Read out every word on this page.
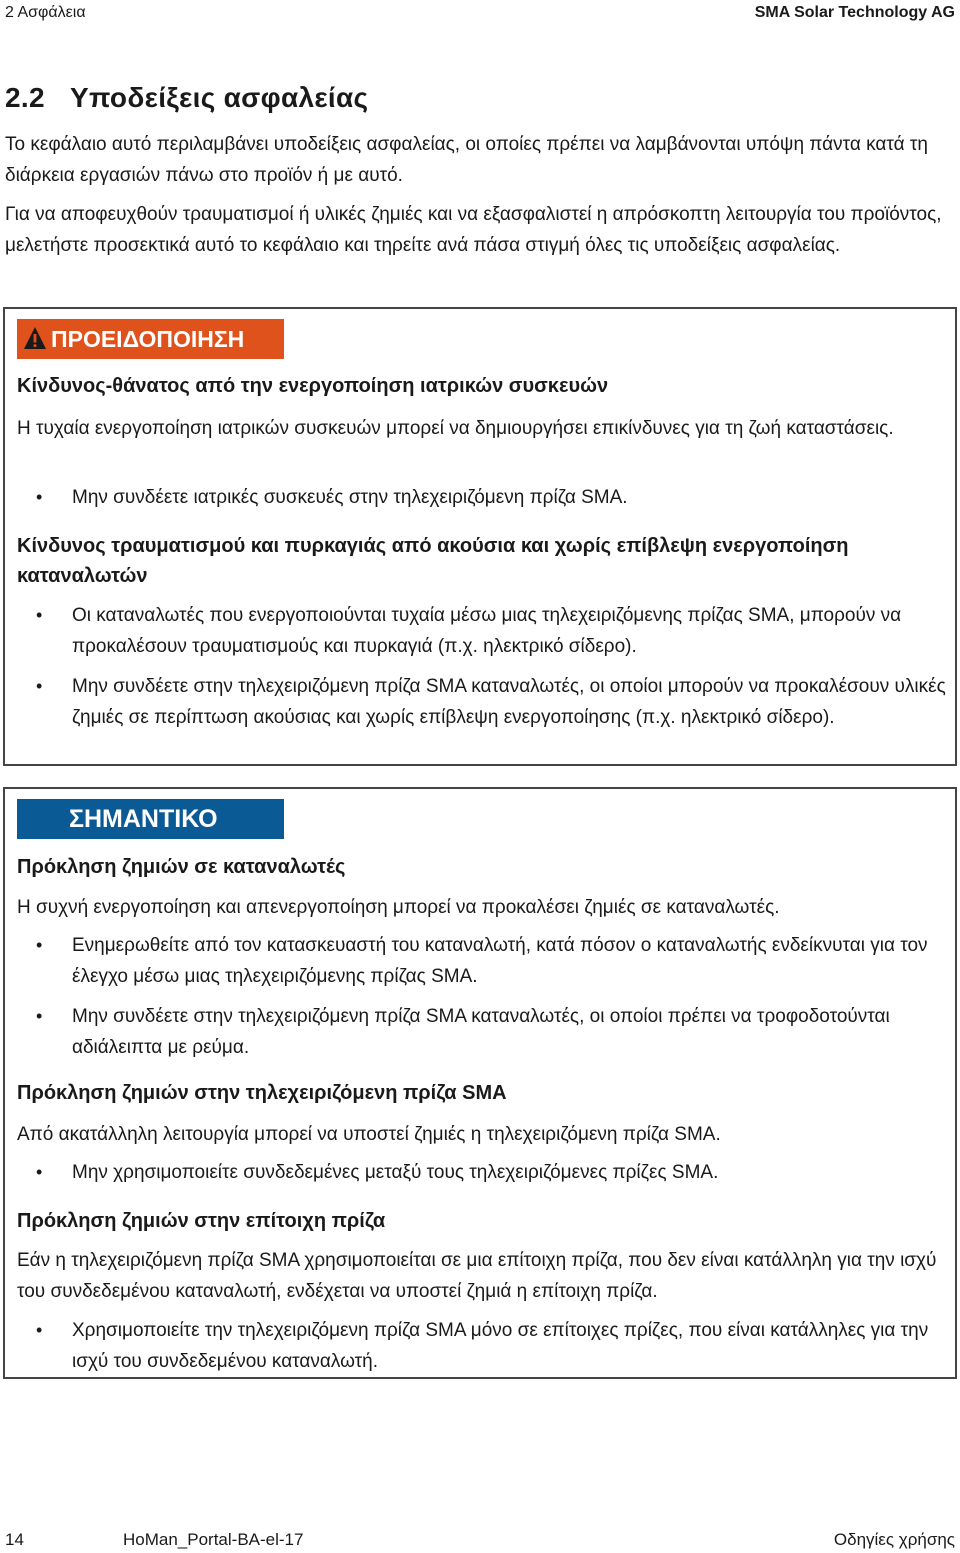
2 Ασφάλεια	SMA Solar Technology AG
2.2 Υποδείξεις ασφαλείας

Το κεφάλαιο αυτό περιλαμβάνει υποδείξεις ασφαλείας, οι οποίες πρέπει να λαμβάνονται υπόψη πάντα κατά τη διάρκεια εργασιών πάνω στο προϊόν ή με αυτό.

Για να αποφευχθούν τραυματισμοί ή υλικές ζημιές και να εξασφαλιστεί η απρόσκοπτη λειτουργία του προϊόντος, μελετήστε προσεκτικά αυτό το κεφάλαιο και τηρείτε ανά πάσα στιγμή όλες τις υποδείξεις ασφαλείας.

ΠΡΟΕΙΔΟΠΟΙΗΣΗ

Κίνδυνος-θάνατος από την ενεργοποίηση ιατρικών συσκευών

Η τυχαία ενεργοποίηση ιατρικών συσκευών μπορεί να δημιουργήσει επικίνδυνες για τη ζωή καταστάσεις.

• Μην συνδέετε ιατρικές συσκευές στην τηλεχειριζόμενη πρίζα SMA.

Κίνδυνος τραυματισμού και πυρκαγιάς από ακούσια και χωρίς επίβλεψη ενεργοποίηση καταναλωτών

• Οι καταναλωτές που ενεργοποιούνται τυχαία μέσω μιας τηλεχειριζόμενης πρίζας SMA, μπορούν να προκαλέσουν τραυματισμούς και πυρκαγιά (π.χ. ηλεκτρικό σίδερο).
• Μην συνδέετε στην τηλεχειριζόμενη πρίζα SMA καταναλωτές, οι οποίοι μπορούν να προκαλέσουν υλικές ζημιές σε περίπτωση ακούσιας και χωρίς επίβλεψη ενεργοποίησης (π.χ. ηλεκτρικό σίδερο).
ΣΗΜΑΝΤΙΚΟ

Πρόκληση ζημιών σε καταναλωτές

Η συχνή ενεργοποίηση και απενεργοποίηση μπορεί να προκαλέσει ζημιές σε καταναλωτές.

• Ενημερωθείτε από τον κατασκευαστή του καταναλωτή, κατά πόσον ο καταναλωτής ενδείκνυται για τον έλεγχο μέσω μιας τηλεχειριζόμενης πρίζας SMA.
• Μην συνδέετε στην τηλεχειριζόμενη πρίζα SMA καταναλωτές, οι οποίοι πρέπει να τροφοδοτούνται αδιάλειπτα με ρεύμα.

Πρόκληση ζημιών στην τηλεχειριζόμενη πρίζα SMA

Από ακατάλληλη λειτουργία μπορεί να υποστεί ζημιές η τηλεχειριζόμενη πρίζα SMA.

• Μην χρησιμοποιείτε συνδεδεμένες μεταξύ τους τηλεχειριζόμενες πρίζες SMA.

Πρόκληση ζημιών στην επίτοιχη πρίζα

Εάν η τηλεχειριζόμενη πρίζα SMA χρησιμοποιείται σε μια επίτοιχη πρίζα, που δεν είναι κατάλληλη για την ισχύ του συνδεδεμένου καταναλωτή, ενδέχεται να υποστεί ζημιά η επίτοιχη πρίζα.

• Χρησιμοποιείτε την τηλεχειριζόμενη πρίζα SMA μόνο σε επίτοιχες πρίζες, που είναι κατάλληλες για την ισχύ του συνδεδεμένου καταναλωτή.
14	HoMan_Portal-BA-el-17	Οδηγίες χρήσης
